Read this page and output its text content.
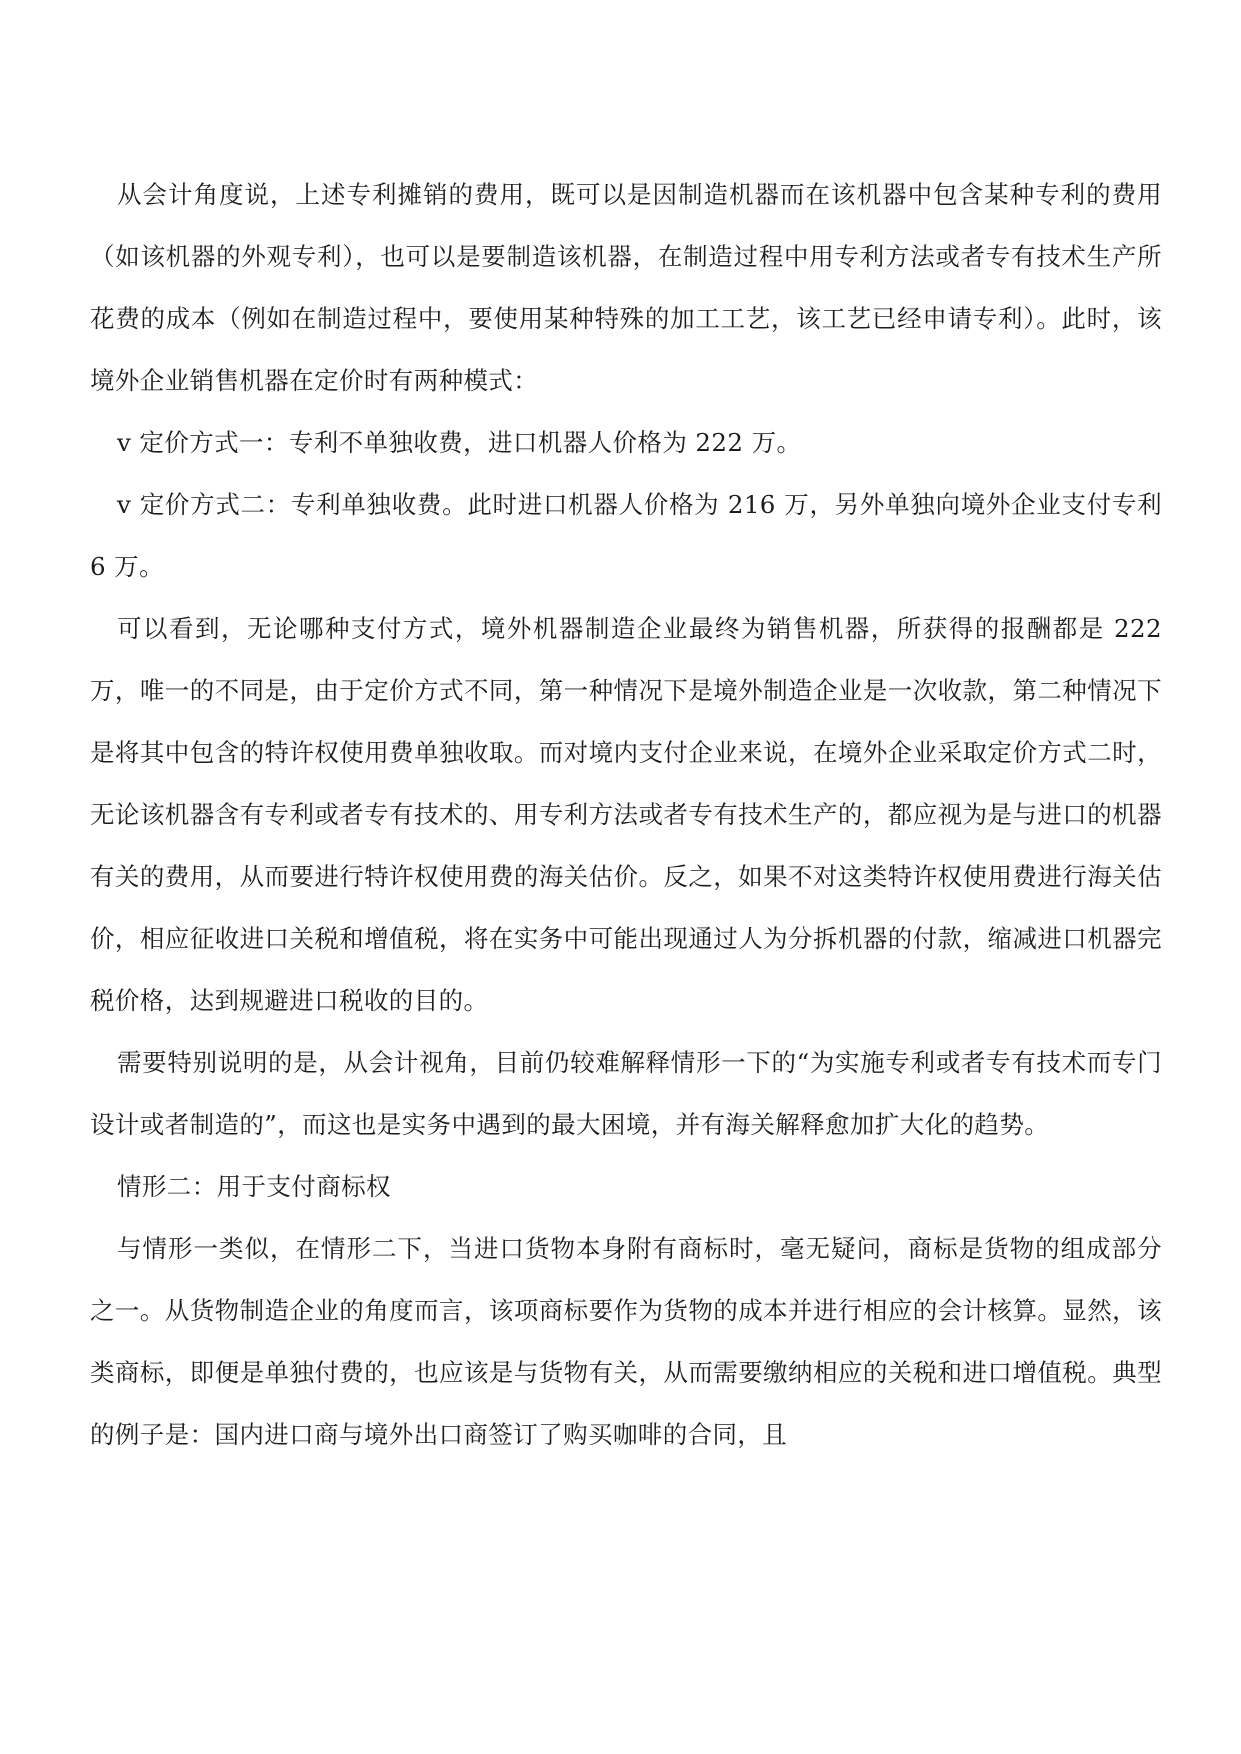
从会计角度说，上述专利摊销的费用，既可以是因制造机器而在该机器中包含某种专利的费用（如该机器的外观专利），也可以是要制造该机器，在制造过程中用专利方法或者专有技术生产所花费的成本（例如在制造过程中，要使用某种特殊的加工工艺，该工艺已经申请专利）。此时，该境外企业销售机器在定价时有两种模式：

v 定价方式一：专利不单独收费，进口机器人价格为 222 万。

v 定价方式二：专利单独收费。此时进口机器人价格为 216 万，另外单独向境外企业支付专利 6 万。

可以看到，无论哪种支付方式，境外机器制造企业最终为销售机器，所获得的报酬都是 222 万，唯一的不同是，由于定价方式不同，第一种情况下是境外制造企业是一次收款，第二种情况下是将其中包含的特许权使用费单独收取。而对境内支付企业来说，在境外企业采取定价方式二时，无论该机器含有专利或者专有技术的、用专利方法或者专有技术生产的，都应视为是与进口的机器有关的费用，从而要进行特许权使用费的海关估价。反之，如果不对这类特许权使用费进行海关估价，相应征收进口关税和增值税，将在实务中可能出现通过人为分拆机器的付款，缩减进口机器完税价格，达到规避进口税收的目的。

需要特别说明的是，从会计视角，目前仍较难解释情形一下的“为实施专利或者专有技术而专门设计或者制造的”，而这也是实务中遇到的最大困境，并有海关解释愈加扩大化的趋势。

情形二：用于支付商标权

与情形一类似，在情形二下，当进口货物本身附有商标时，毫无疑问，商标是货物的组成部分之一。从货物制造企业的角度而言，该项商标要作为货物的成本并进行相应的会计核算。显然，该类商标，即便是单独付费的，也应该是与货物有关，从而需要缴纳相应的关税和进口增值税。典型的例子是：国内进口商与境外出口商签订了购买咖啡的合同，且
